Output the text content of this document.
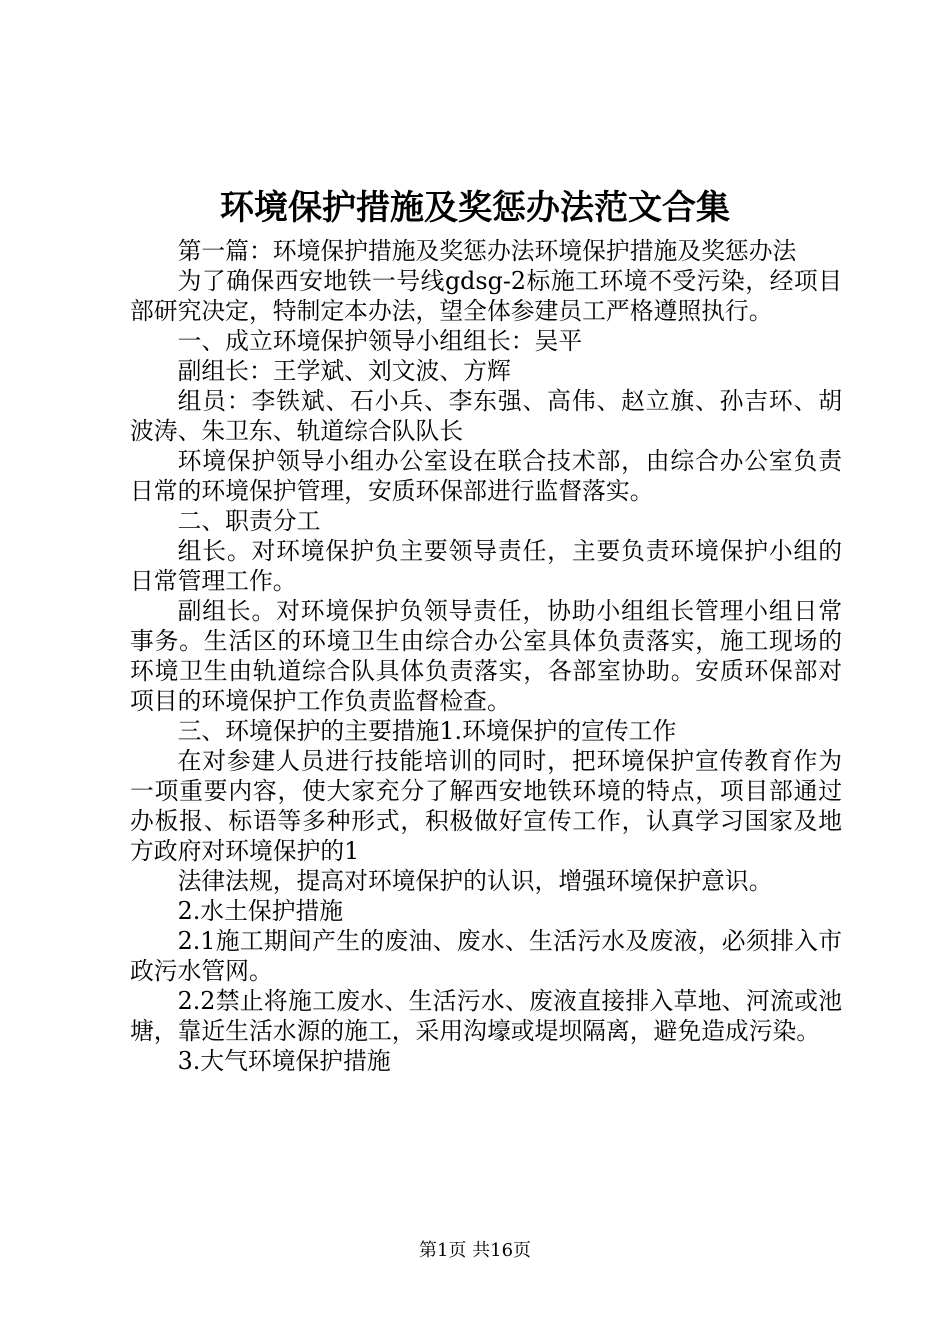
环境保护措施及奖惩办法范文合集

第一篇：环境保护措施及奖惩办法环境保护措施及奖惩办法

为了确保西安地铁一号线gdsg-2标施工环境不受污染，经项目部研究决定，特制定本办法，望全体参建员工严格遵照执行。

一、成立环境保护领导小组组长：吴平

副组长：王学斌、刘文波、方辉

组员：李铁斌、石小兵、李东强、高伟、赵立旗、孙吉环、胡波涛、朱卫东、轨道综合队队长

环境保护领导小组办公室设在联合技术部，由综合办公室负责日常的环境保护管理，安质环保部进行监督落实。

二、职责分工

组长。对环境保护负主要领导责任，主要负责环境保护小组的日常管理工作。

副组长。对环境保护负领导责任，协助小组组长管理小组日常事务。生活区的环境卫生由综合办公室具体负责落实，施工现场的环境卫生由轨道综合队具体负责落实，各部室协助。安质环保部对项目的环境保护工作负责监督检查。

三、环境保护的主要措施1.环境保护的宣传工作

在对参建人员进行技能培训的同时，把环境保护宣传教育作为一项重要内容，使大家充分了解西安地铁环境的特点，项目部通过办板报、标语等多种形式，积极做好宣传工作，认真学习国家及地方政府对环境保护的1

法律法规，提高对环境保护的认识，增强环境保护意识。

2.水土保护措施

2.1施工期间产生的废油、废水、生活污水及废液，必须排入市政污水管网。

2.2禁止将施工废水、生活污水、废液直接排入草地、河流或池塘，靠近生活水源的施工，采用沟壕或堤坝隔离，避免造成污染。

3.大气环境保护措施

第1页 共16页
